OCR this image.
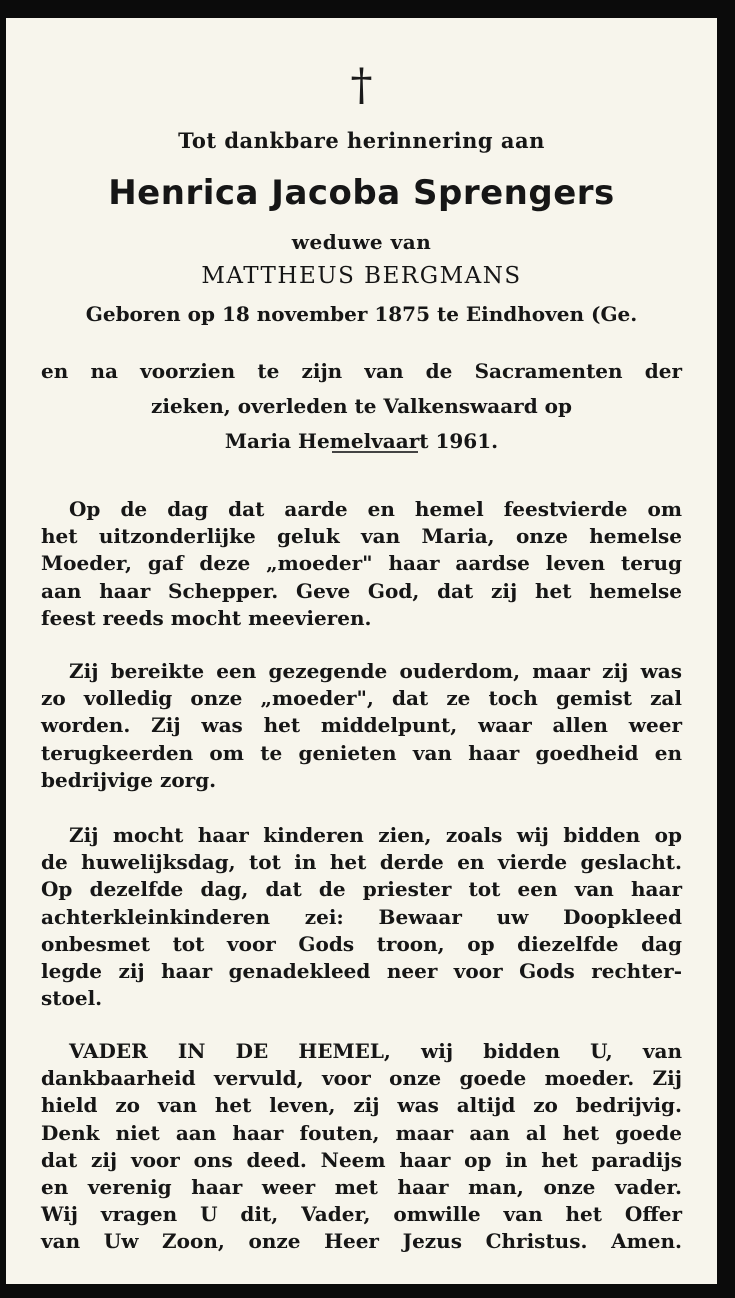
†
Tot dankbare herinnering aan
Henrica Jacoba Sprengers
weduwe van
MATTHEUS BERGMANS
Geboren op 18 november 1875 te Eindhoven (Ge.
en na voorzien te zijn van de Sacramenten der
zieken, overleden te Valkenswaard op
Maria Hemelvaart 1961.
Op de dag dat aarde en hemel feestvierde om
het uitzonderlijke geluk van Maria, onze hemelse
Moeder, gaf deze „moeder" haar aardse leven terug
aan haar Schepper. Geve God, dat zij het hemelse
feest reeds mocht meevieren.
Zij bereikte een gezegende ouderdom, maar zij was
zo volledig onze „moeder", dat ze toch gemist zal
worden. Zij was het middelpunt, waar allen weer
terugkeerden om te genieten van haar goedheid en
bedrijvige zorg.
Zij mocht haar kinderen zien, zoals wij bidden op
de huwelijksdag, tot in het derde en vierde geslacht.
Op dezelfde dag, dat de priester tot een van haar
achterkleinkinderen zei: Bewaar uw Doopkleed
onbesmet tot voor Gods troon, op diezelfde dag
legde zij haar genadekleed neer voor Gods rechter-
stoel.
VADER IN DE HEMEL, wij bidden U, van
dankbaarheid vervuld, voor onze goede moeder. Zij
hield zo van het leven, zij was altijd zo bedrijvig.
Denk niet aan haar fouten, maar aan al het goede
dat zij voor ons deed. Neem haar op in het paradijs
en verenig haar weer met haar man, onze vader.
Wij vragen U dit, Vader, omwille van het Offer
van Uw Zoon, onze Heer Jezus Christus. Amen.
